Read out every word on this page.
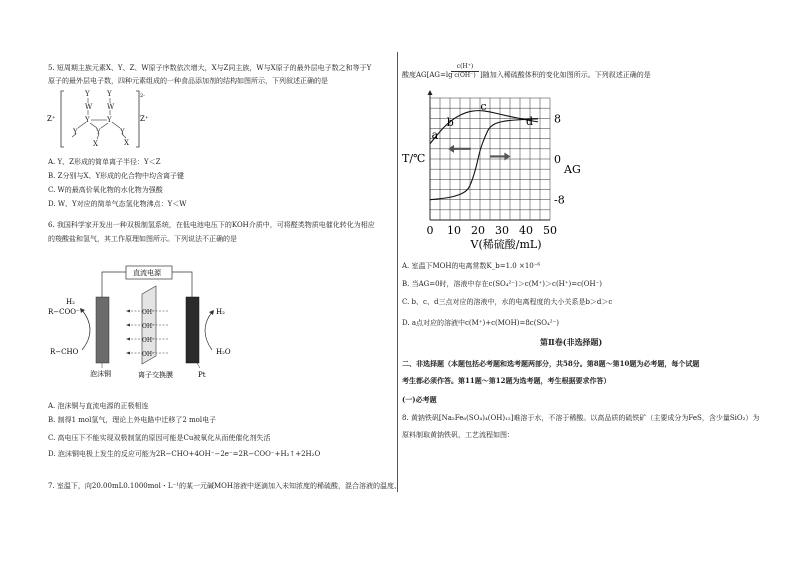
5. 短周期主族元素X、Y、Z、W原子序数依次增大，X与Z同主族，W与X原子的最外层电子数之和等于Y
原子的最外层电子数，四种元素组成的一种食品添加剂的结构如图所示，下列叙述正确的是
Z⁺	Z⁺
2-
Y Y
W W
Y Y
Y	Y	Y
X	X
A. Y、Z形成的简单离子半径：Y＜Z
B. Z分别与X、Y形成的化合物中均含离子键
C. W的最高价氧化物的水化物为强酸
D. W、Y对应的简单气态氢化物沸点：Y＜W
6. 我国科学家开发出一种双极制氢系统，在低电池电压下的KOH介质中，可将醛类物质电催化转化为相应
的羧酸盐和氢气，其工作原理如图所示。下列说法不正确的是
直流电源
OH⁻
OH⁻
OH⁻
OH⁻
H₂
R−COO⁻
R−CHO
H₂
H₂O
泡沫铜	离子交换膜	Pt
A. 泡沫铜与直流电源的正极相连
B. 制得1 mol氢气，理论上外电路中迁移了2 mol电子
C. 高电压下不能实现双极制氢的原因可能是Cu被氧化从而使催化剂失活
D. 泡沫铜电极上发生的反应可能为2R−CHO+4OH⁻−2e⁻=2R−COO⁻+H₂↑+2H₂O
7. 室温下，向20.00mL0.1000mol・L⁻¹的某一元碱MOH溶液中逐滴加入未知浓度的稀硫酸，混合溶液的温度、
酸度AG[AG=lg
$\frac{c(H^+)}{c(OH^-)}$ ]随加入稀硫酸体积的变化如图所示。下列叙述正确的是
0 10 20 30 40 50
8
0
-8
T/℃
AG
V(稀硫酸/mL)
a
b
c
d
A. 室温下MOH的电离常数K_b=1.0 ×10⁻⁶
B. 当AG=0时，溶液中存在c(SO₄²⁻)＞c(M⁺)＞c(H⁺)=c(OH⁻)
C. b、c、d三点对应的溶液中，水的电离程度的大小关系是b＞d＞c
D. a点对应的溶液中c(M⁺)+c(MOH)=8c(SO₄²⁻)
第Ⅱ卷(非选择题)
二、非选择题（本题包括必考题和选考题两部分，共58分。第8题～第10题为必考题，每个试题
考生都必须作答。第11题～第12题为选考题，考生根据要求作答）
(一)必考题
8. 黄钠铁矾[Na₂Fe₆(SO₄)₄(OH)₁₂]难溶于水，不溶于稀酸。以高品质的硫铁矿（主要成分为FeS，含少量SiO₂）为
原料制取黄钠铁矾，工艺流程如图：
